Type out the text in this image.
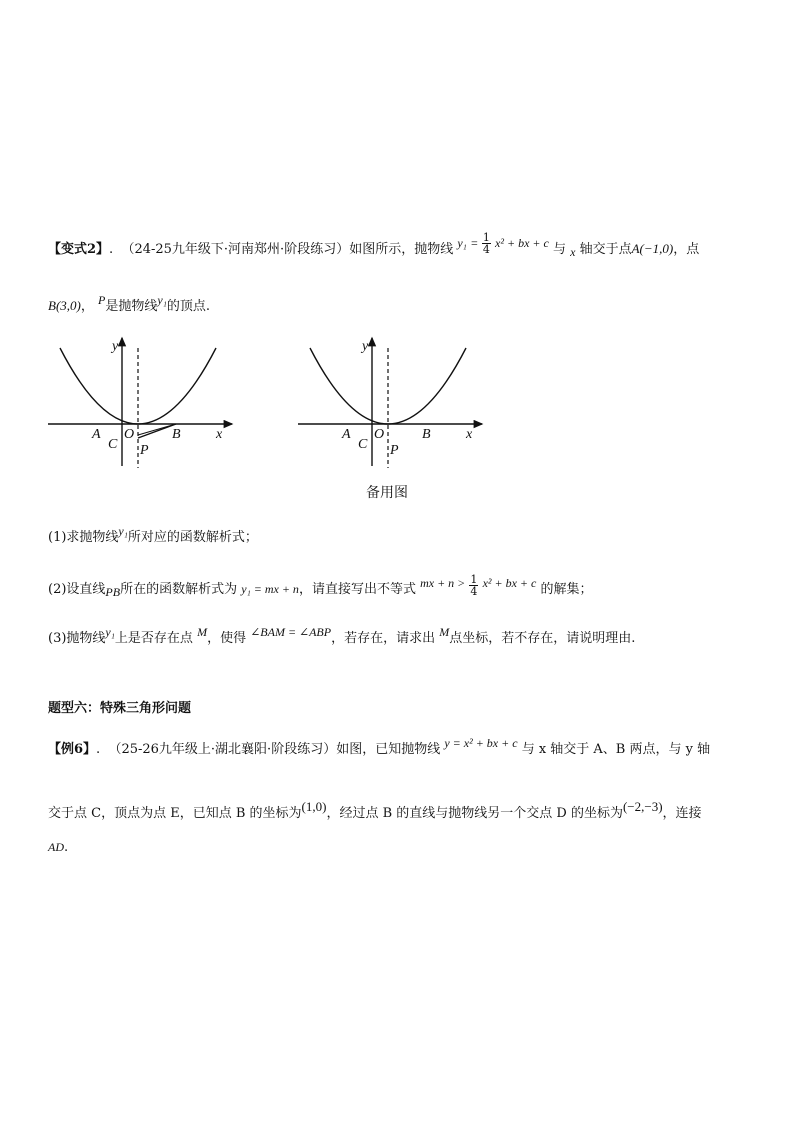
【变式2】. （24-25九年级下·河南郑州·阶段练习）如图所示，抛物线 $y_1 = \frac{1}{4} x^2$ + bx + c 与 x 轴交于点A(−1,0)，点
B(3,0)， P是抛物线y₁的顶点.
y
x
A O	B
C P
y
x
A O	B
C P
备用图
(1)求抛物线y₁所对应的函数解析式；
(2)设直线PB所在的函数解析式为 y₁ = mx + n，请直接写出不等式 mx + $n > \frac{1}{4} x^2$ + bx + c 的解集；
(3)抛物线y₁上是否存在点 M，使得 ∠BAM = ∠ABP，若存在，请求出 M点坐标，若不存在，请说明理由.
题型六：特殊三角形问题
【例6】. （25-26九年级上·湖北襄阳·阶段练习）如图，已知抛物线 y = x² + bx + c 与 x 轴交于 A、B 两点，与 y 轴
交于点 C，顶点为点 E，已知点 B 的坐标为(1,0)，经过点 B 的直线与抛物线另一个交点 D 的坐标为(−2,−3)，连接
AD.
